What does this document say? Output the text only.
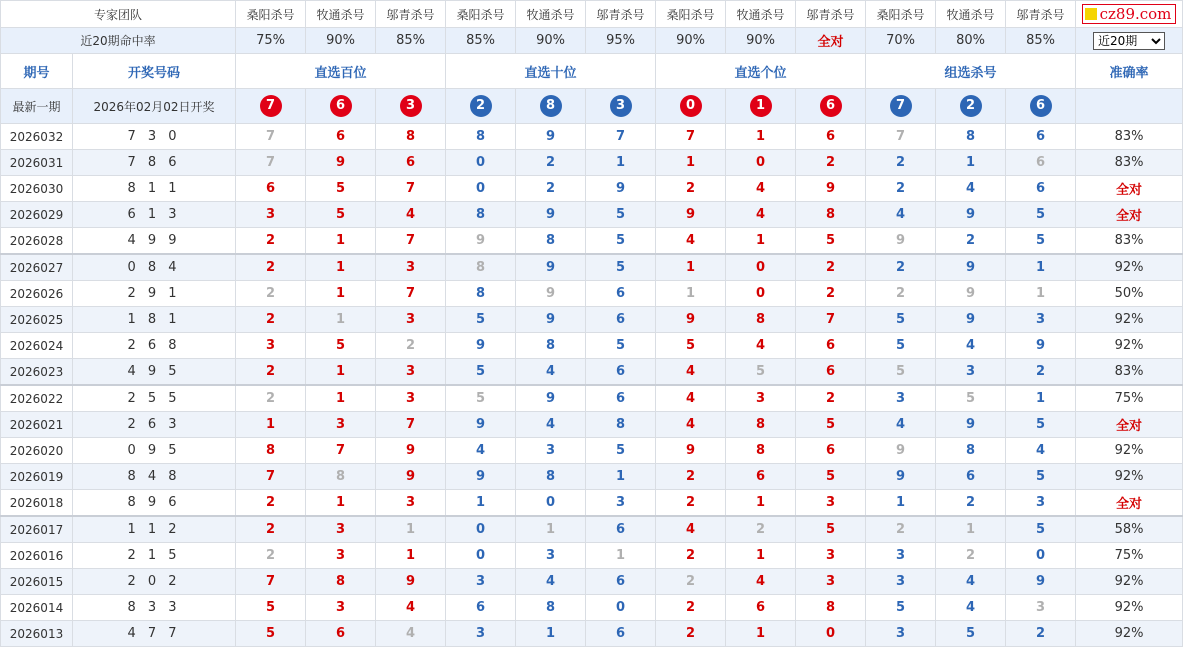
专家团队		桑阳杀号	牧通杀号	邬青杀号	桑阳杀号	牧通杀号	邬青杀号	桑阳杀号	牧通杀号	邬青杀号	桑阳杀号	牧通杀号	邬青杀号	cz89.com

近20期命中率		75%	90%	85%	85%	90%	95%	90%	90%	全对	70%	80%	85%	
近20期
期号	开奖号码	直选百位			直选十位			直选个位			组选杀号			准确率
最新一期	2026年02月02日开奖	7	6	3	2	8	3	0	1	6	7	2	6	
2026032	7 3 0	7	6	8	8	9	7	7	1	6	7	8	6	83%
2026031	7 8 6	7	9	6	0	2	1	1	0	2	2	1	6	83%
2026030	8 1 1	6	5	7	0	2	9	2	4	9	2	4	6	全对
2026029	6 1 3	3	5	4	8	9	5	9	4	8	4	9	5	全对
2026028	4 9 9	2	1	7	9	8	5	4	1	5	9	2	5	83%
2026027	0 8 4	2	1	3	8	9	5	1	0	2	2	9	1	92%
2026026	2 9 1	2	1	7	8	9	6	1	0	2	2	9	1	50%
2026025	1 8 1	2	1	3	5	9	6	9	8	7	5	9	3	92%
2026024	2 6 8	3	5	2	9	8	5	5	4	6	5	4	9	92%
2026023	4 9 5	2	1	3	5	4	6	4	5	6	5	3	2	83%
2026022	2 5 5	2	1	3	5	9	6	4	3	2	3	5	1	75%
2026021	2 6 3	1	3	7	9	4	8	4	8	5	4	9	5	全对
2026020	0 9 5	8	7	9	4	3	5	9	8	6	9	8	4	92%
2026019	8 4 8	7	8	9	9	8	1	2	6	5	9	6	5	92%
2026018	8 9 6	2	1	3	1	0	3	2	1	3	1	2	3	全对
2026017	1 1 2	2	3	1	0	1	6	4	2	5	2	1	5	58%
2026016	2 1 5	2	3	1	0	3	1	2	1	3	3	2	0	75%
2026015	2 0 2	7	8	9	3	4	6	2	4	3	3	4	9	92%
2026014	8 3 3	5	3	4	6	8	0	2	6	8	5	4	3	92%
2026013	4 7 7	5	6	4	3	1	6	2	1	0	3	5	2	92%
